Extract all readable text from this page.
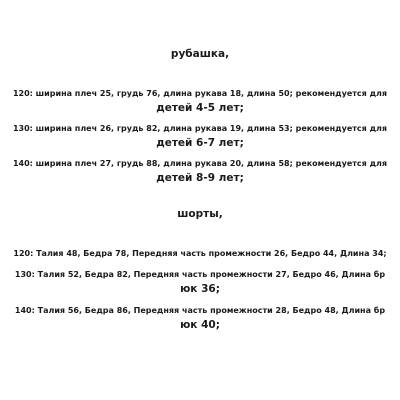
рубашка,
120: ширина плеч 25, грудь 76, длина рукава 18, длина 50; рекомендуется для
детей 4-5 лет;
130: ширина плеч 26, грудь 82, длина рукава 19, длина 53; рекомендуется для
детей 6-7 лет;
140: ширина плеч 27, грудь 88, длина рукава 20, длина 58; рекомендуется для
детей 8-9 лет;
шорты,
120: Талия 48, Бедра 78, Передняя часть промежности 26, Бедро 44, Длина 34;
130: Талия 52, Бедра 82, Передняя часть промежности 27, Бедро 46, Длина бр
юк 36;
140: Талия 56, Бедра 86, Передняя часть промежности 28, Бедро 48, Длина бр
юк 40;
